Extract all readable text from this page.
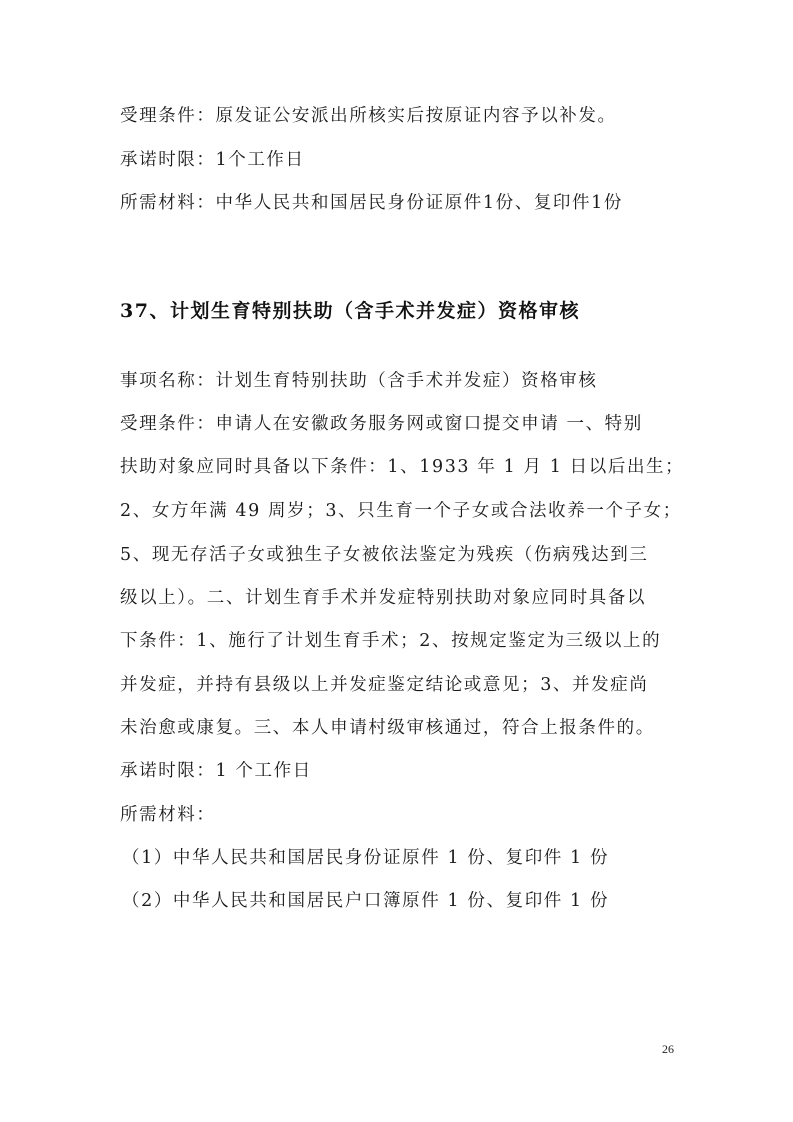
受理条件：原发证公安派出所核实后按原证内容予以补发。
承诺时限：1个工作日
所需材料：中华人民共和国居民身份证原件1份、复印件1份
37、计划生育特别扶助（含手术并发症）资格审核
事项名称：计划生育特别扶助（含手术并发症）资格审核
受理条件：申请人在安徽政务服务网或窗口提交申请 一、特别
扶助对象应同时具备以下条件：1、1933 年 1 月 1 日以后出生；
2、女方年满 49 周岁；3、只生育一个子女或合法收养一个子女；
5、现无存活子女或独生子女被依法鉴定为残疾（伤病残达到三
级以上）。二、计划生育手术并发症特别扶助对象应同时具备以
下条件：1、施行了计划生育手术；2、按规定鉴定为三级以上的
并发症，并持有县级以上并发症鉴定结论或意见；3、并发症尚
未治愈或康复。三、本人申请村级审核通过，符合上报条件的。
承诺时限：1 个工作日
所需材料：
（1）中华人民共和国居民身份证原件 1 份、复印件 1 份
（2）中华人民共和国居民户口簿原件 1 份、复印件 1 份
26
